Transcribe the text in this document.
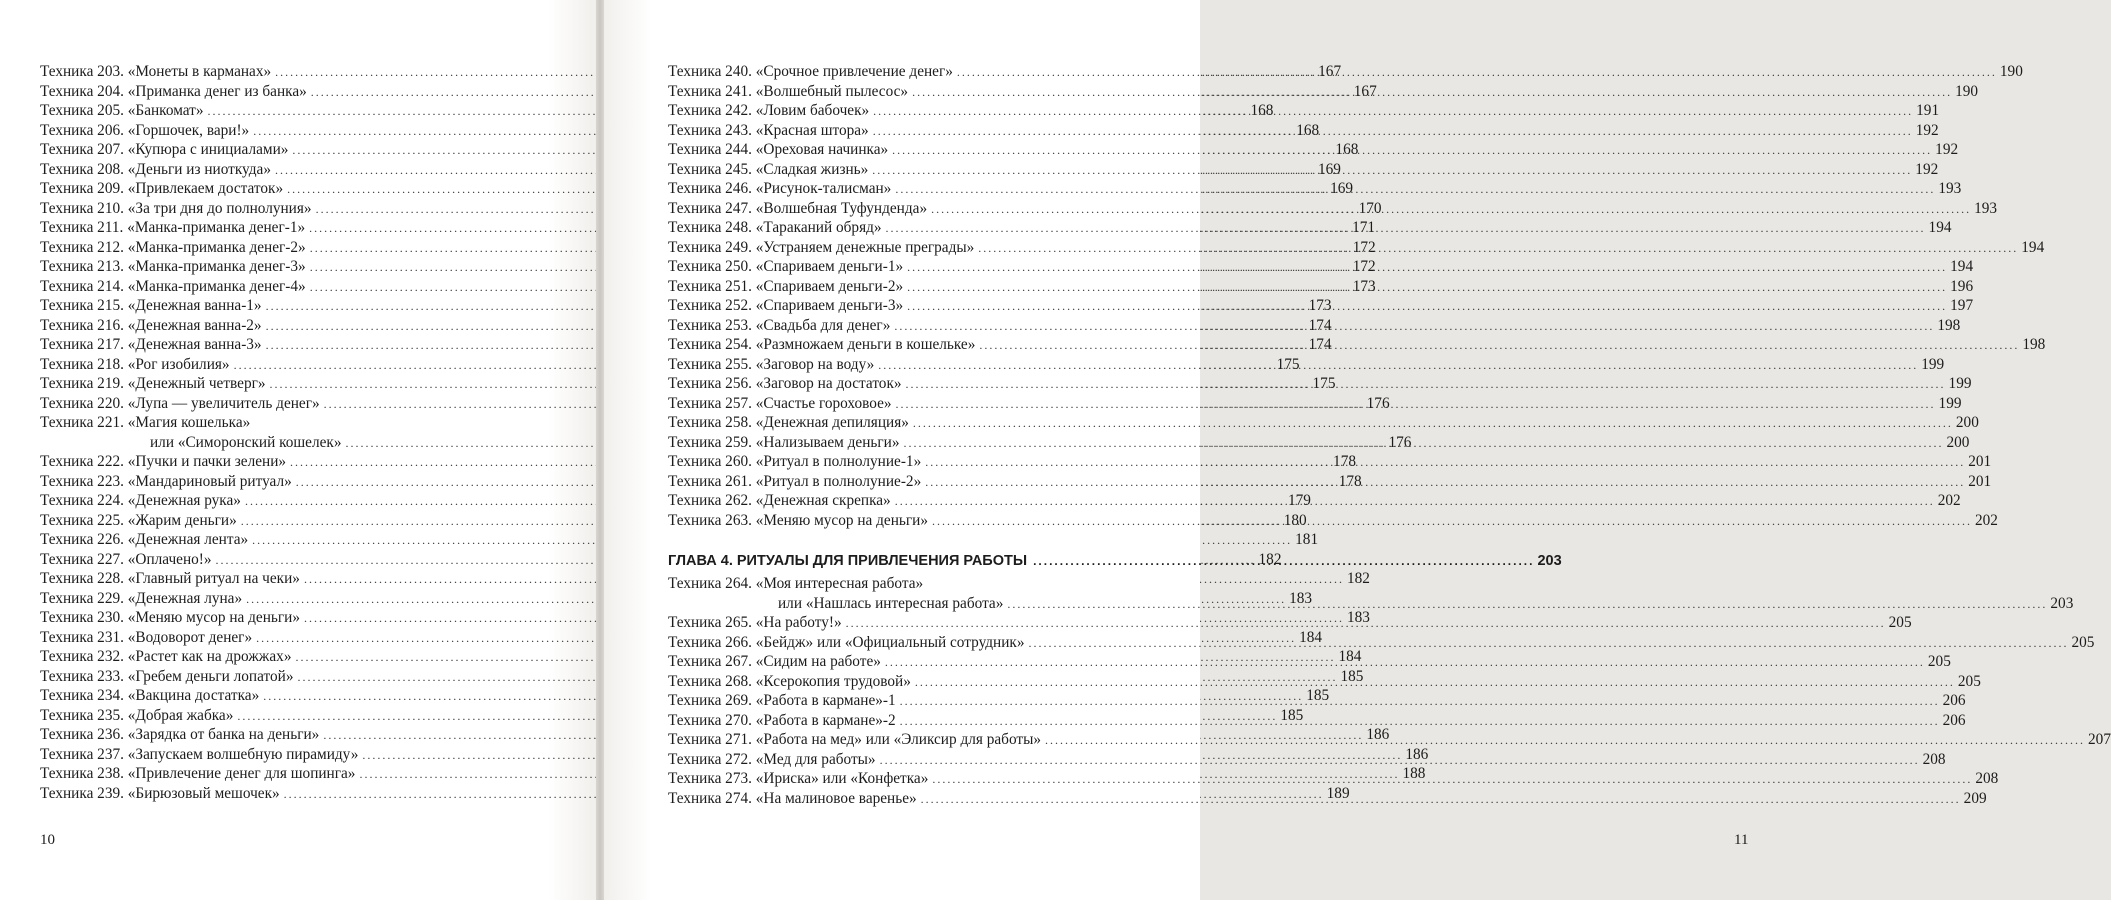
Техника 203. «Монеты в карманах» .....	167
Техника 204. «Приманка денег из банка» .....	167
Техника 205. «Банкомат» .....	168
Техника 206. «Горшочек, вари!» .....	168
Техника 207. «Купюра с инициалами» .....	168
Техника 208. «Деньги из ниоткуда» .....	169
Техника 209. «Привлекаем достаток» .....	169
Техника 210. «За три дня до полнолуния» .....	170
Техника 211. «Манка-приманка денег-1» .....	171
Техника 212. «Манка-приманка денег-2» .....	172
Техника 213. «Манка-приманка денег-3» .....	172
Техника 214. «Манка-приманка денег-4» .....	173
Техника 215. «Денежная ванна-1» .....	173
Техника 216. «Денежная ванна-2» .....	174
Техника 217. «Денежная ванна-3» .....	174
Техника 218. «Рог изобилия» .....	175
Техника 219. «Денежный четверг» .....	175
Техника 220. «Лупа — увеличитель денег» .....	176
Техника 221. «Магия кошелька»
или «Симоронский кошелек» .....	176
Техника 222. «Пучки и пачки зелени» .....	178
Техника 223. «Мандариновый ритуал» .....	178
Техника 224. «Денежная рука» .....	179
Техника 225. «Жарим деньги» .....	180
Техника 226. «Денежная лента» .....	181
Техника 227. «Оплачено!» .....	182
Техника 228. «Главный ритуал на чеки» .....	182
Техника 229. «Денежная луна» .....	183
Техника 230. «Меняю мусор на деньги» .....	183
Техника 231. «Водоворот денег» .....	184
Техника 232. «Растет как на дрожжах» .....	184
Техника 233. «Гребем деньги лопатой» .....	185
Техника 234. «Вакцина достатка» .....	185
Техника 235. «Добрая жабка» .....	185
Техника 236. «Зарядка от банка на деньги» .....	186
Техника 237. «Запускаем волшебную пирамиду» .....	186
Техника 238. «Привлечение денег для шопинга» .....	188
Техника 239. «Бирюзовый мешочек» .....	189
10
Техника 240. «Срочное привлечение денег» .....	190
Техника 241. «Волшебный пылесос» .....	190
Техника 242. «Ловим бабочек» .....	191
Техника 243. «Красная штора» .....	192
Техника 244. «Ореховая начинка» .....	192
Техника 245. «Сладкая жизнь» .....	192
Техника 246. «Рисунок-талисман» .....	193
Техника 247. «Волшебная Туфунденда» .....	193
Техника 248. «Тараканий обряд» .....	194
Техника 249. «Устраняем денежные преграды» .....	194
Техника 250. «Спариваем деньги-1» .....	194
Техника 251. «Спариваем деньги-2» .....	196
Техника 252. «Спариваем деньги-3» .....	197
Техника 253. «Свадьба для денег» .....	198
Техника 254. «Размножаем деньги в кошельке» .....	198
Техника 255. «Заговор на воду» .....	199
Техника 256. «Заговор на достаток» .....	199
Техника 257. «Счастье гороховое» .....	199
Техника 258. «Денежная депиляция» .....	200
Техника 259. «Нализываем деньги» .....	200
Техника 260. «Ритуал в полнолуние-1» .....	201
Техника 261. «Ритуал в полнолуние-2» .....	201
Техника 262. «Денежная скрепка» .....	202
Техника 263. «Меняю мусор на деньги» .....	202
ГЛАВА 4. РИТУАЛЫ ДЛЯ ПРИВЛЕЧЕНИЯ РАБОТЫ .....	203
Техника 264. «Моя интересная работа»
или «Нашлась интересная работа» .....	203
Техника 265. «На работу!» .....	205
Техника 266. «Бейдж» или «Официальный сотрудник» .....	205
Техника 267. «Сидим на работе» .....	205
Техника 268. «Ксерокопия трудовой» .....	205
Техника 269. «Работа в кармане»-1 .....	206
Техника 270. «Работа в кармане»-2 .....	206
Техника 271. «Работа на мед» или «Эликсир для работы» .....	207
Техника 272. «Мед для работы» .....	208
Техника 273. «Ириска» или «Конфетка» .....	208
Техника 274. «На малиновое варенье» .....	209
11
